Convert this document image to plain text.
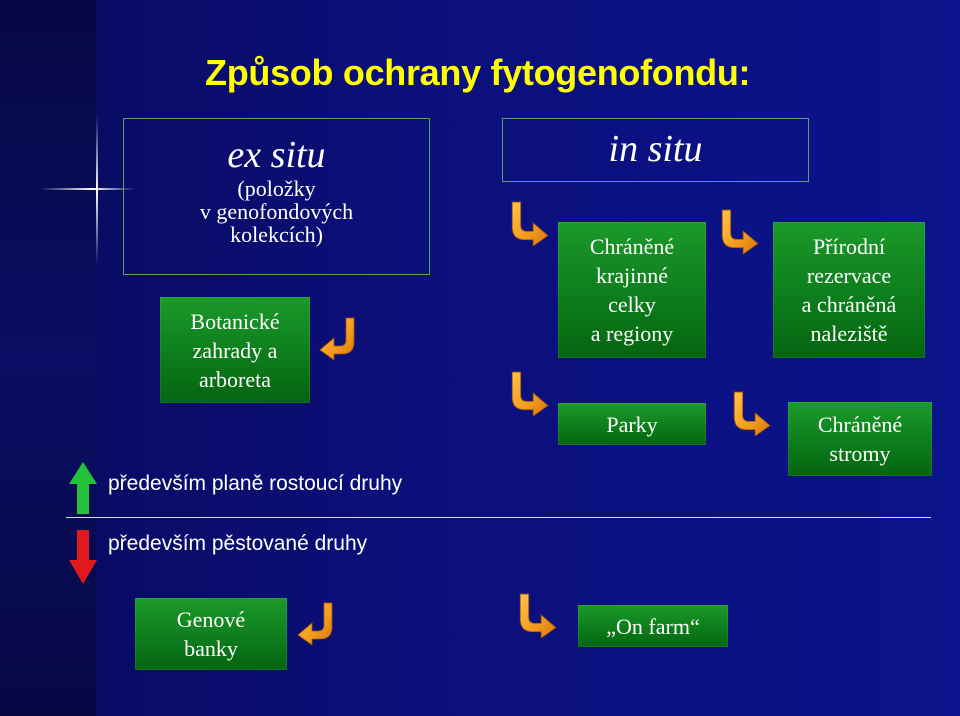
Způsob ochrany fytogenofondu:
ex situ
(položky
v genofondových
kolekcích)
in situ
Botanické
zahrady a
arboreta
Chráněné
krajinné
celky
a regiony
Přírodní
rezervace
a chráněná
naleziště
Parky	Chráněné
stromy
Genové
banky
„On farm“

především planě rostoucí druhy

především pěstované druhy
